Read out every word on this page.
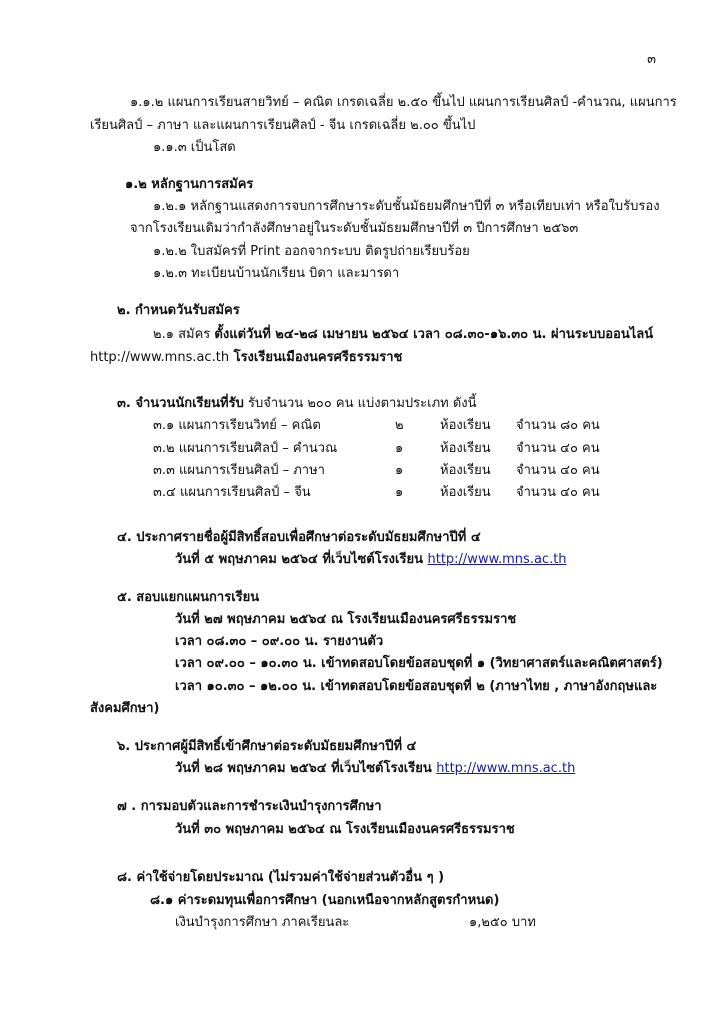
๓
๑.๑.๒ แผนการเรียนสายวิทย์ – คณิต เกรดเฉลี่ย ๒.๕๐ ขึ้นไป แผนการเรียนศิลป์ -คำนวณ, แผนการ
เรียนศิลป์ – ภาษา และแผนการเรียนศิลป์ - จีน เกรดเฉลี่ย ๒.๐๐ ขึ้นไป
๑.๑.๓ เป็นโสด
๑.๒ หลักฐานการสมัคร
๑.๒.๑ หลักฐานแสดงการจบการศึกษาระดับชั้นมัธยมศึกษาปีที่ ๓ หรือเทียบเท่า หรือใบรับรอง
จากโรงเรียนเดิมว่ากำลังศึกษาอยู่ในระดับชั้นมัธยมศึกษาปีที่ ๓ ปีการศึกษา ๒๕๖๓
๑.๒.๒ ใบสมัครที่ Print ออกจากระบบ ติดรูปถ่ายเรียบร้อย
๑.๒.๓ ทะเบียนบ้านนักเรียน บิดา และมารดา
๒. กำหนดวันรับสมัคร
๒.๑ สมัคร ตั้งแต่วันที่ ๒๔-๒๘ เมษายน ๒๕๖๔ เวลา ๐๘.๓๐-๑๖.๓๐ น. ผ่านระบบออนไลน์
http://www.mns.ac.th โรงเรียนเมืองนครศรีธรรมราช
๓. จำนวนนักเรียนที่รับ รับจำนวน ๒๐๐ คน แบ่งตามประเภท ดังนี้
๓.๑ แผนการเรียนวิทย์ – คณิต	๒	ห้องเรียน จำนวน ๘๐ คน
๓.๒ แผนการเรียนศิลป์ – คำนวณ	๑	ห้องเรียน จำนวน ๔๐ คน
๓.๓ แผนการเรียนศิลป์ – ภาษา	๑	ห้องเรียน จำนวน ๔๐ คน
๓.๔ แผนการเรียนศิลป์ – จีน	๑	ห้องเรียน จำนวน ๔๐ คน
๔. ประกาศรายชื่อผู้มีสิทธิ์สอบเพื่อศึกษาต่อระดับมัธยมศึกษาปีที่ ๔
วันที่ ๕ พฤษภาคม ๒๕๖๔ ที่เว็บไซต์โรงเรียน http://www.mns.ac.th
๕. สอบแยกแผนการเรียน
วันที่ ๒๗ พฤษภาคม ๒๕๖๔ ณ โรงเรียนเมืองนครศรีธรรมราช
เวลา ๐๘.๓๐ – ๐๙.๐๐ น. รายงานตัว
เวลา ๐๙.๐๐ – ๑๐.๓๐ น. เข้าทดสอบโดยข้อสอบชุดที่ ๑ (วิทยาศาสตร์และคณิตศาสตร์)
เวลา ๑๐.๓๐ – ๑๒.๐๐ น. เข้าทดสอบโดยข้อสอบชุดที่ ๒ (ภาษาไทย , ภาษาอังกฤษและ
สังคมศึกษา)
๖. ประกาศผู้มีสิทธิ์เข้าศึกษาต่อระดับมัธยมศึกษาปีที่ ๔
วันที่ ๒๘ พฤษภาคม ๒๕๖๔ ที่เว็บไซต์โรงเรียน http://www.mns.ac.th
๗ . การมอบตัวและการชำระเงินบำรุงการศึกษา
วันที่ ๓๐ พฤษภาคม ๒๕๖๔ ณ โรงเรียนเมืองนครศรีธรรมราช
๘. ค่าใช้จ่ายโดยประมาณ (ไม่รวมค่าใช้จ่ายส่วนตัวอื่น ๆ )
๘.๑ ค่าระดมทุนเพื่อการศึกษา (นอกเหนือจากหลักสูตรกำหนด)
เงินบำรุงการศึกษา ภาคเรียนละ	๑,๒๕๐ บาท
